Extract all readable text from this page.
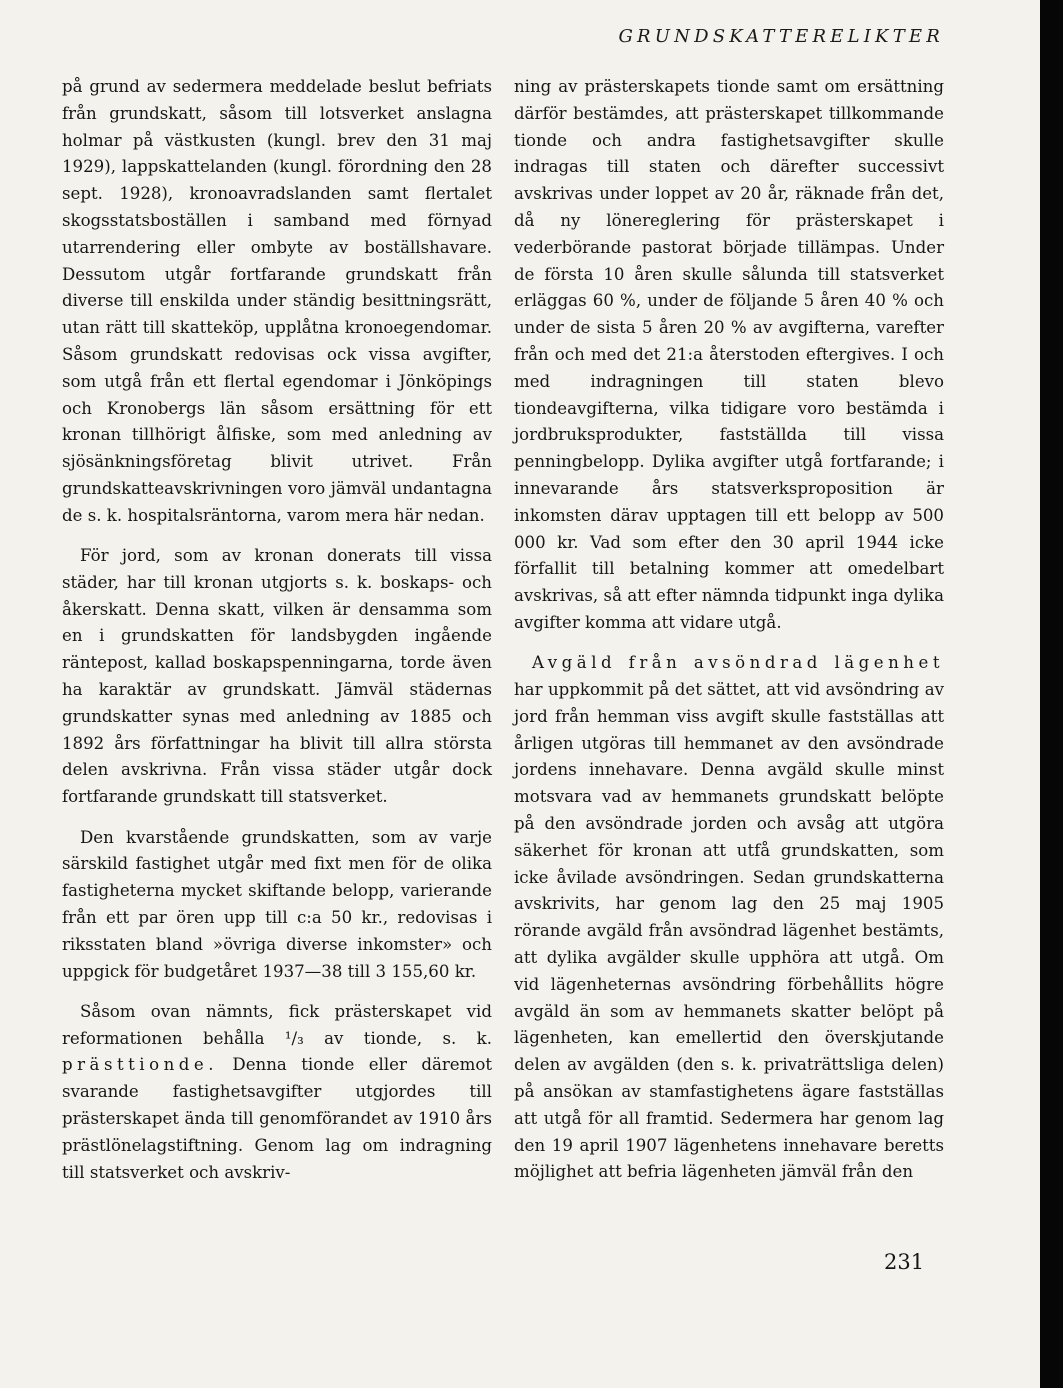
GRUNDSKATTERELIKTER

på grund av sedermera meddelade beslut befriats från grundskatt, såsom till lotsverket anslagna holmar på västkusten (kungl. brev den 31 maj 1929), lappskattelanden (kungl. förordning den 28 sept. 1928), kronoavradslanden samt flertalet skogsstatsboställen i samband med förnyad utarrendering eller ombyte av boställshavare. Dessutom utgår fortfarande grundskatt från diverse till enskilda under ständig besittningsrätt, utan rätt till skatteköp, upplåtna kronoegendomar. Såsom grundskatt redovisas ock vissa avgifter, som utgå från ett flertal egendomar i Jönköpings och Kronobergs län såsom ersättning för ett kronan tillhörigt ålfiske, som med anledning av sjösänkningsföretag blivit utrivet. Från grundskatteavskrivningen voro jämväl undantagna de s. k. hospitalsräntorna, varom mera här nedan.

För jord, som av kronan donerats till vissa städer, har till kronan utgjorts s. k. boskaps- och åkerskatt. Denna skatt, vilken är densamma som en i grundskatten för landsbygden ingående räntepost, kallad boskapspenningarna, torde även ha karaktär av grundskatt. Jämväl städernas grundskatter synas med anledning av 1885 och 1892 års författningar ha blivit till allra största delen avskrivna. Från vissa städer utgår dock fortfarande grundskatt till statsverket.

Den kvarstående grundskatten, som av varje särskild fastighet utgår med fixt men för de olika fastigheterna mycket skiftande belopp, varierande från ett par ören upp till c:a 50 kr., redovisas i riksstaten bland »övriga diverse inkomster» och uppgick för budgetåret 1937—38 till 3 155,60 kr.

Såsom ovan nämnts, fick prästerskapet vid reformationen behålla ¹/₃ av tionde, s. k. prästtionde. Denna tionde eller däremot svarande fastighetsavgifter utgjordes till prästerskapet ända till genomförandet av 1910 års prästlönelagstiftning. Genom lag om indragning till statsverket och avskriv-

ning av prästerskapets tionde samt om ersättning därför bestämdes, att prästerskapet tillkommande tionde och andra fastighetsavgifter skulle indragas till staten och därefter successivt avskrivas under loppet av 20 år, räknade från det, då ny lönereglering för prästerskapet i vederbörande pastorat började tillämpas. Under de första 10 åren skulle sålunda till statsverket erläggas 60 %, under de följande 5 åren 40 % och under de sista 5 åren 20 % av avgifterna, varefter från och med det 21:a återstoden eftergives. I och med indragningen till staten blevo tiondeavgifterna, vilka tidigare voro bestämda i jordbruksprodukter, fastställda till vissa penningbelopp. Dylika avgifter utgå fortfarande; i innevarande års statsverksproposition är inkomsten därav upptagen till ett belopp av 500 000 kr. Vad som efter den 30 april 1944 icke förfallit till betalning kommer att omedelbart avskrivas, så att efter nämnda tidpunkt inga dylika avgifter komma att vidare utgå.

Avgäld från avsöndrad lägenhet har uppkommit på det sättet, att vid avsöndring av jord från hemman viss avgift skulle fastställas att årligen utgöras till hemmanet av den avsöndrade jordens innehavare. Denna avgäld skulle minst motsvara vad av hemmanets grundskatt belöpte på den avsöndrade jorden och avsåg att utgöra säkerhet för kronan att utfå grundskatten, som icke åvilade avsöndringen. Sedan grundskatterna avskrivits, har genom lag den 25 maj 1905 rörande avgäld från avsöndrad lägenhet bestämts, att dylika avgälder skulle upphöra att utgå. Om vid lägenheternas avsöndring förbehållits högre avgäld än som av hemmanets skatter belöpt på lägenheten, kan emellertid den överskjutande delen av avgälden (den s. k. privaträttsliga delen) på ansökan av stamfastighetens ägare fastställas att utgå för all framtid. Sedermera har genom lag den 19 april 1907 lägenhetens innehavare beretts möjlighet att befria lägenheten jämväl från den

231
